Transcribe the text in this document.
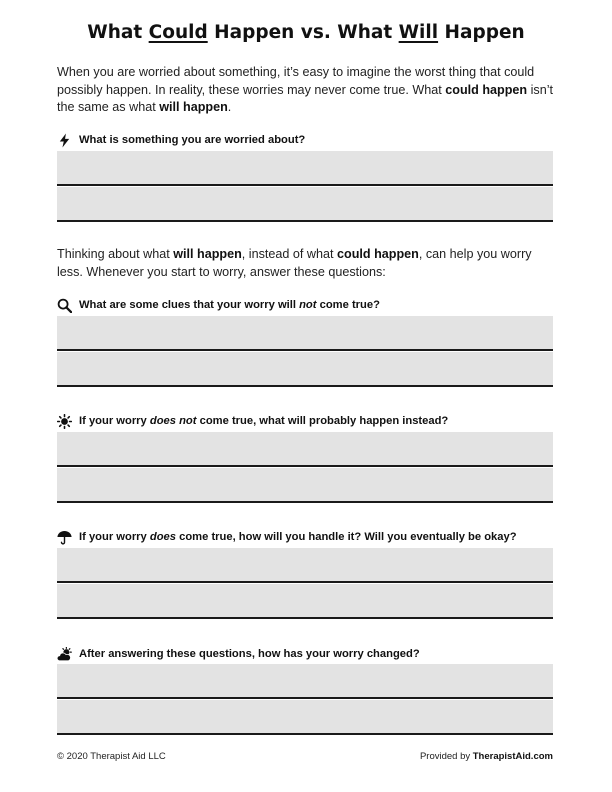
What Could Happen vs. What Will Happen
When you are worried about something, it’s easy to imagine the worst thing that could possibly happen. In reality, these worries may never come true. What could happen isn’t the same as what will happen.
What is something you are worried about?
Thinking about what will happen, instead of what could happen, can help you worry less. Whenever you start to worry, answer these questions:
What are some clues that your worry will not come true?
If your worry does not come true, what will probably happen instead?
If your worry does come true, how will you handle it? Will you eventually be okay?
After answering these questions, how has your worry changed?
© 2020 Therapist Aid LLC	Provided by TherapistAid.com
